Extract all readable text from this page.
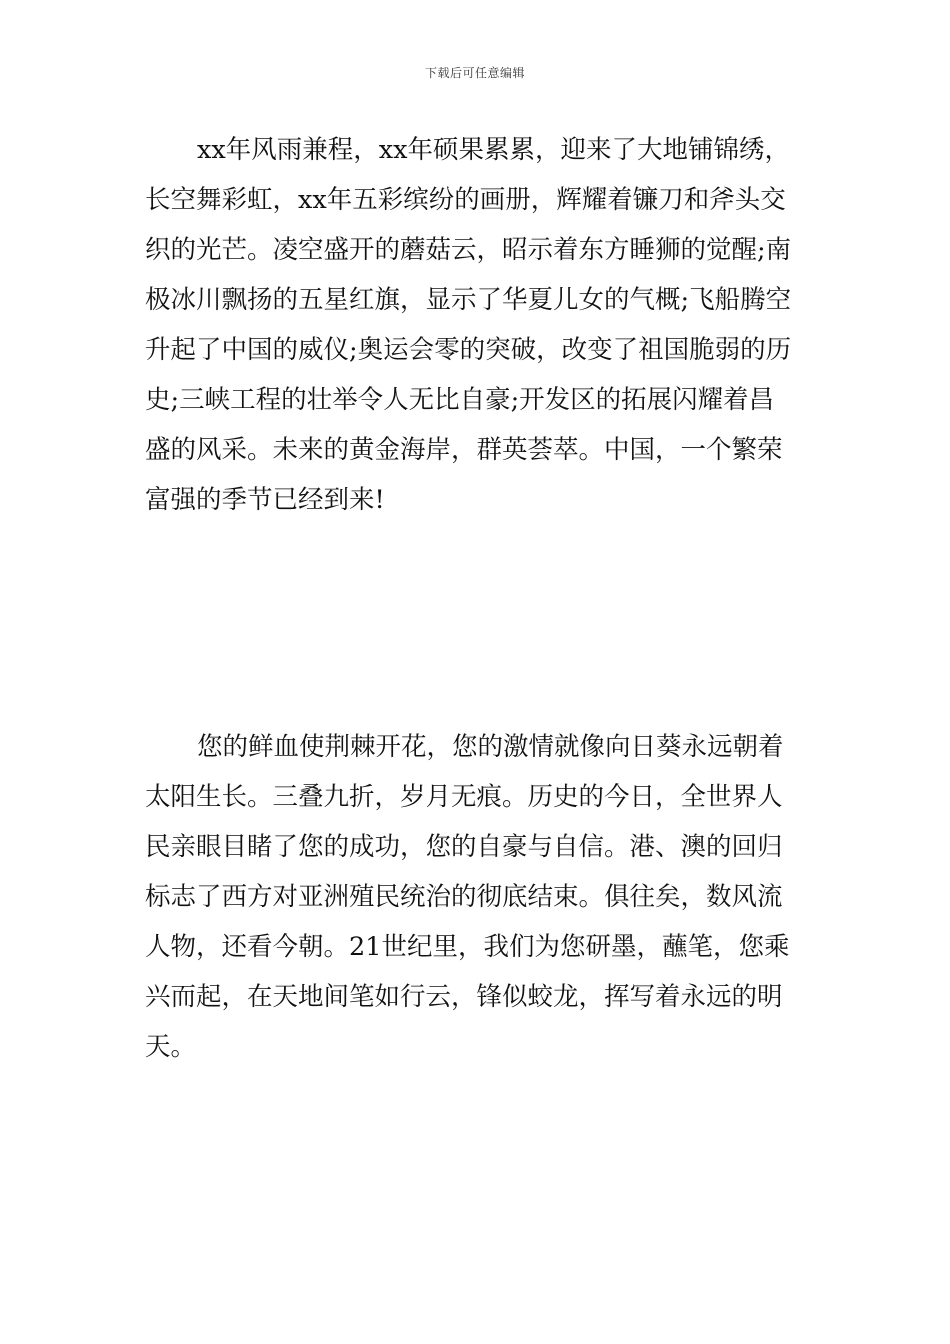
下载后可任意编辑
xx年风雨兼程，xx年硕果累累，迎来了大地铺锦绣，
长空舞彩虹，xx年五彩缤纷的画册，辉耀着镰刀和斧头交
织的光芒。凌空盛开的蘑菇云，昭示着东方睡狮的觉醒;南
极冰川飘扬的五星红旗，显示了华夏儿女的气概;飞船腾空
升起了中国的威仪;奥运会零的突破，改变了祖国脆弱的历
史;三峡工程的壮举令人无比自豪;开发区的拓展闪耀着昌
盛的风采。未来的黄金海岸，群英荟萃。中国，一个繁荣
富强的季节已经到来!
您的鲜血使荆棘开花，您的激情就像向日葵永远朝着
太阳生长。三叠九折，岁月无痕。历史的今日，全世界人
民亲眼目睹了您的成功，您的自豪与自信。港、澳的回归
标志了西方对亚洲殖民统治的彻底结束。俱往矣，数风流
人物，还看今朝。21世纪里，我们为您研墨，蘸笔，您乘
兴而起，在天地间笔如行云，锋似蛟龙，挥写着永远的明
天。
